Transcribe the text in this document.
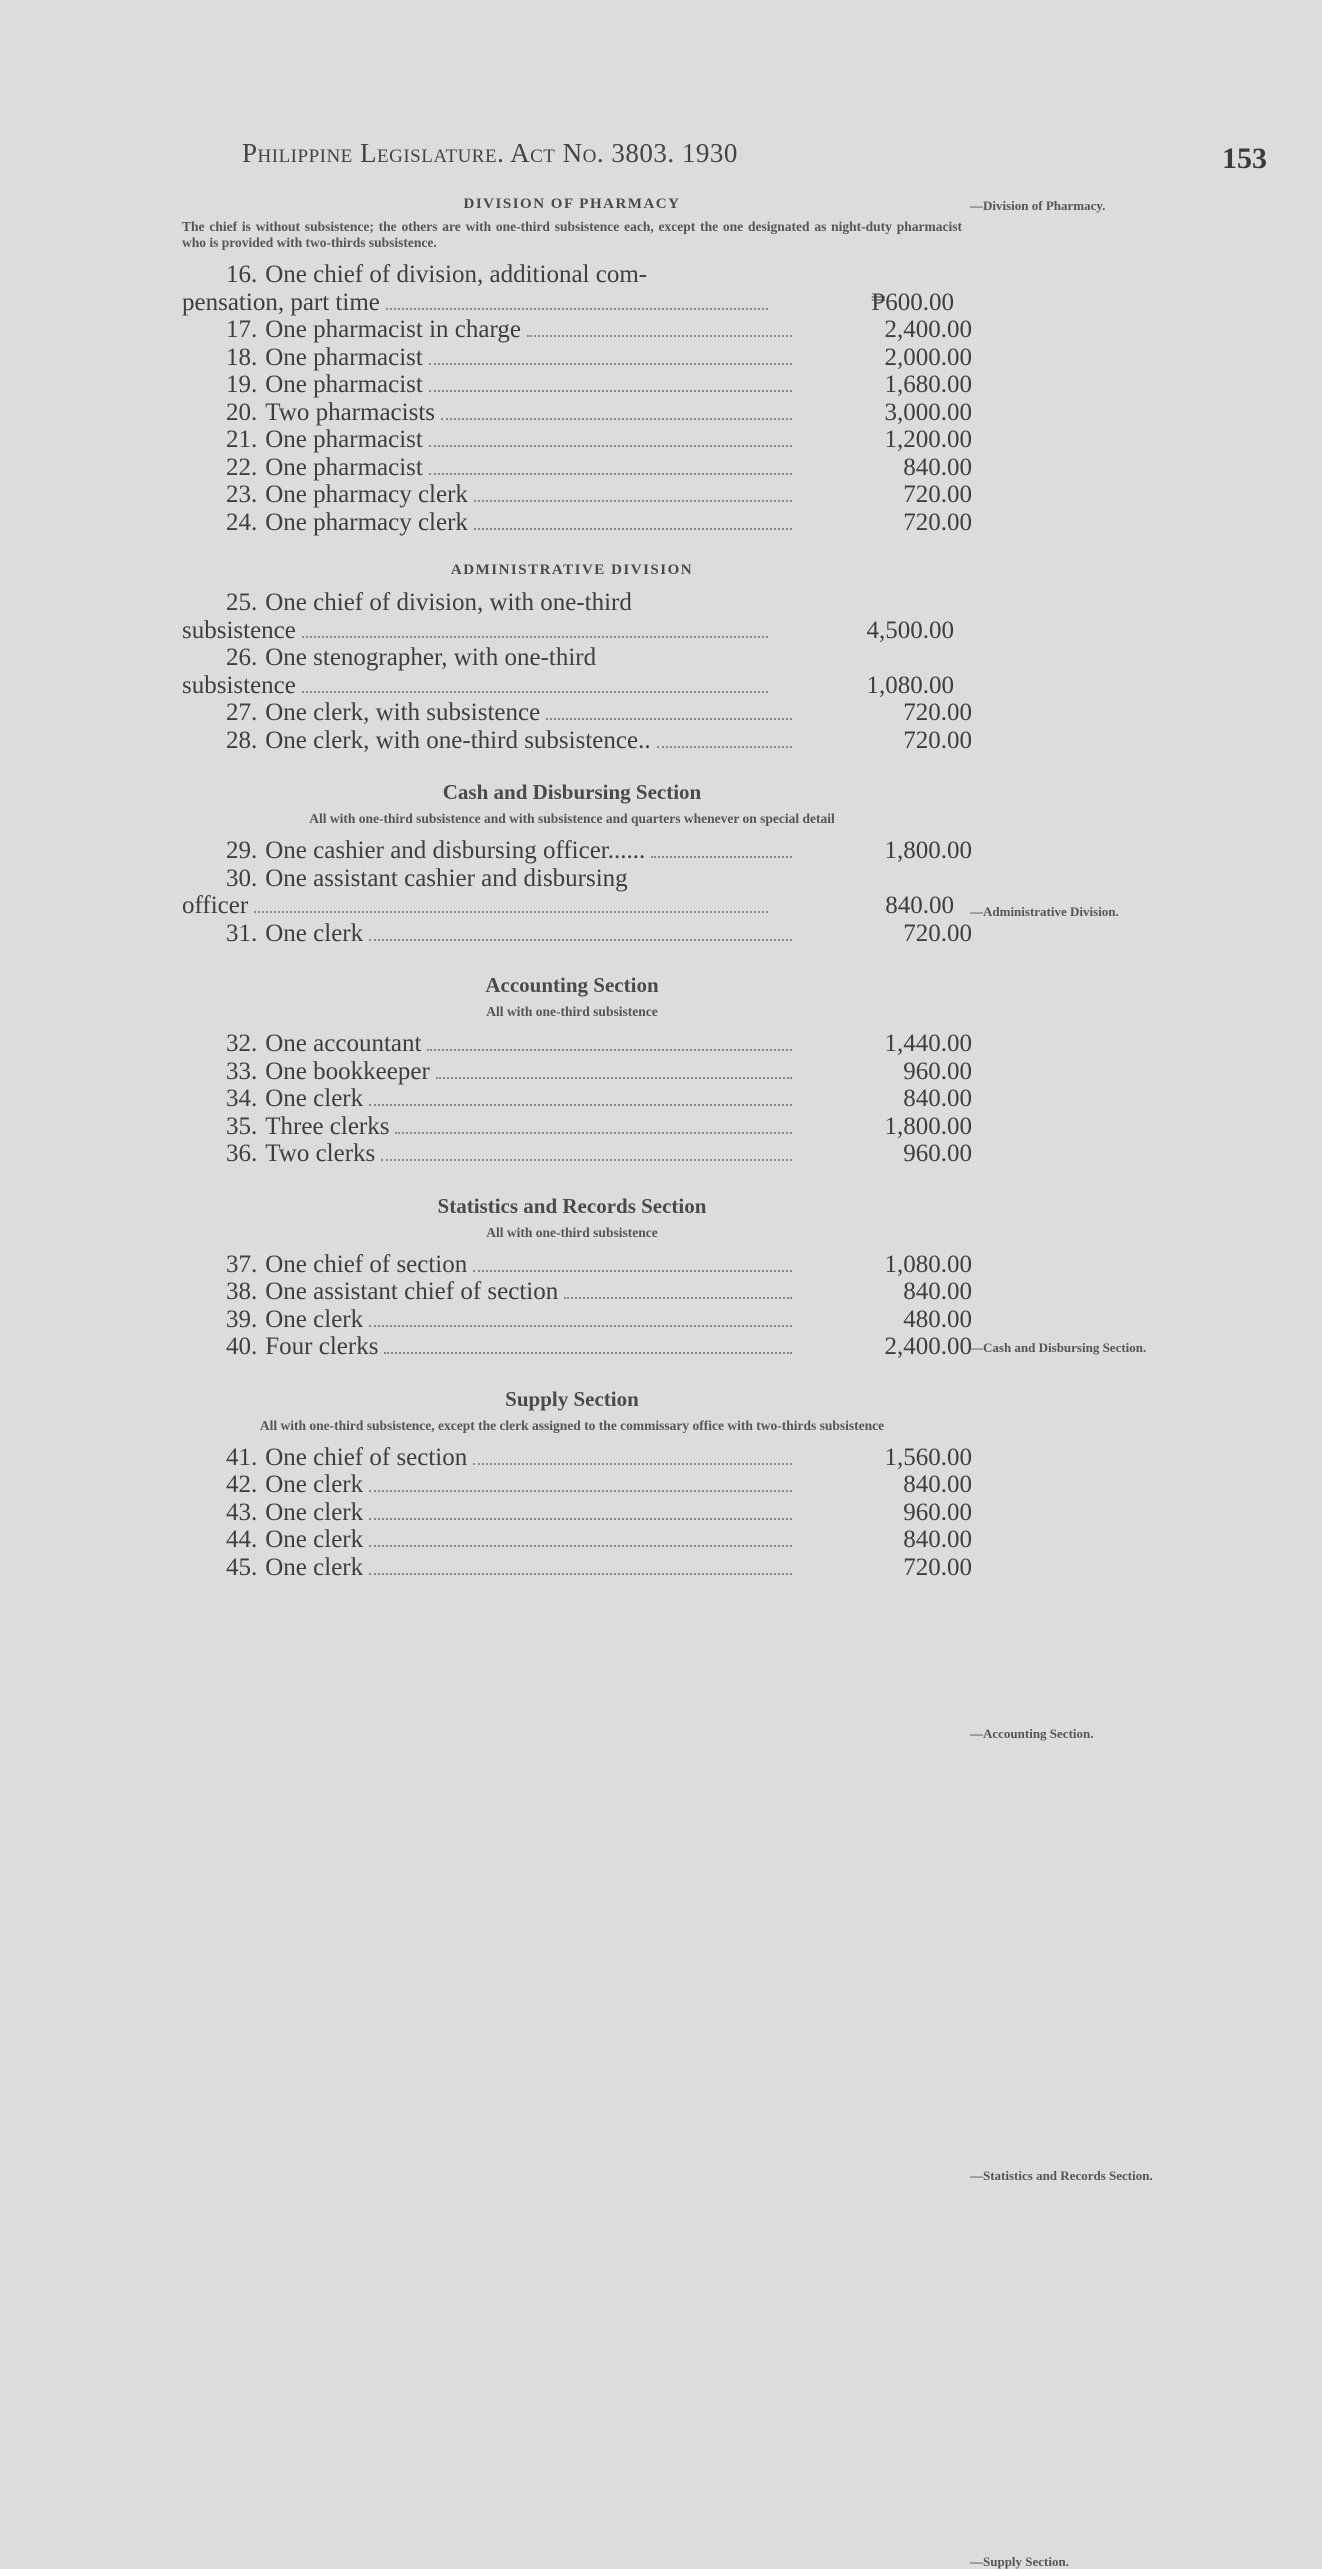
Philippine Legislature. Act No. 3803. 1930	153
DIVISION OF PHARMACY
The chief is without subsistence; the others are with one-third subsistence each, except the one designated as night-duty pharmacist who is provided with two-thirds subsistence.
16. One chief of division, additional com-
pensation, part time	₱600.00
17. One pharmacist in charge	2,400.00
18. One pharmacist	2,000.00
19. One pharmacist	1,680.00
20. Two pharmacists	3,000.00
21. One pharmacist	1,200.00
22. One pharmacist	840.00
23. One pharmacy clerk	720.00
24. One pharmacy clerk	720.00
ADMINISTRATIVE DIVISION
25. One chief of division, with one-third
subsistence	4,500.00
26. One stenographer, with one-third
subsistence	1,080.00
27. One clerk, with subsistence	720.00
28. One clerk, with one-third subsistence..	720.00
Cash and Disbursing Section
All with one-third subsistence and with subsistence and quarters whenever on special detail
29. One cashier and disbursing officer......	1,800.00
30. One assistant cashier and disbursing
officer	840.00
31. One clerk	720.00
Accounting Section
All with one-third subsistence
32. One accountant	1,440.00
33. One bookkeeper	960.00
34. One clerk	840.00
35. Three clerks	1,800.00
36. Two clerks	960.00
Statistics and Records Section
All with one-third subsistence
37. One chief of section	1,080.00
38. One assistant chief of section	840.00
39. One clerk	480.00
40. Four clerks	2,400.00
Supply Section
All with one-third subsistence, except the clerk assigned to the commissary office with two-thirds subsistence
41. One chief of section	1,560.00
42. One clerk	840.00
43. One clerk	960.00
44. One clerk	840.00
45. One clerk	720.00
—Division of Pharmacy.
—Administrative Division.
—Cash and Disbursing Section.
—Accounting Section.
—Statistics and Records Section.
—Supply Section.
